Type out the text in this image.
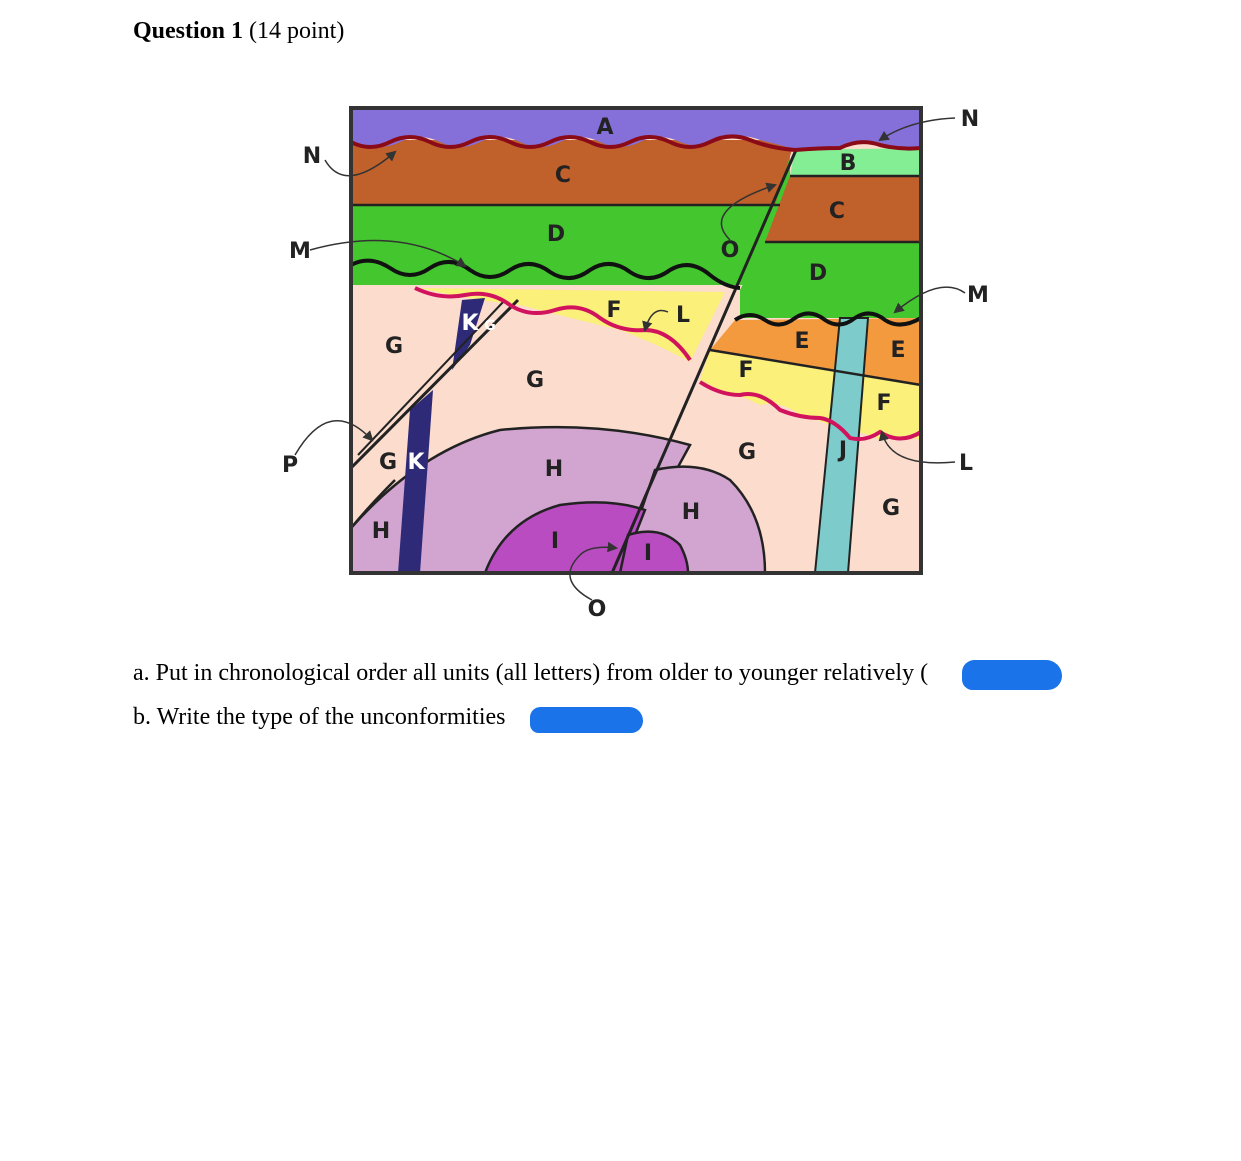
Question 1 (14 point)
N
N
M
M
P	L
O
A
B
C
C
D
D
O
F L
E	E
F
F
G
G
G
G
G
G
H
H
H
I	I
J
K
K
a. Put in chronological order all units (all letters) from older to younger relatively (
b. Write the type of the unconformities
